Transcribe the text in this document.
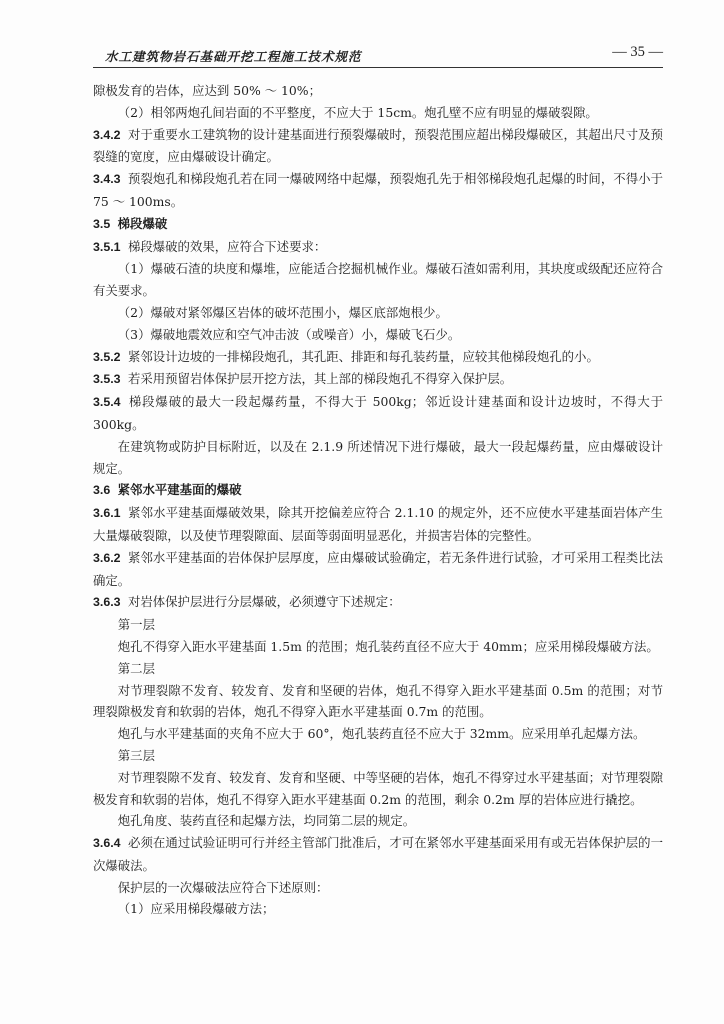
水工建筑物岩石基础开挖工程施工技术规范	— 35 —

隙极发育的岩体，应达到 50% ～ 10%；

（2）相邻两炮孔间岩面的不平整度，不应大于 15cm。炮孔壁不应有明显的爆破裂隙。

3.4.2 对于重要水工建筑物的设计建基面进行预裂爆破时，预裂范围应超出梯段爆破区，其超出尺寸及预裂缝的宽度，应由爆破设计确定。

3.4.3 预裂炮孔和梯段炮孔若在同一爆破网络中起爆，预裂炮孔先于相邻梯段炮孔起爆的时间，不得小于 75 ～ 100ms。

3.5 梯段爆破

3.5.1 梯段爆破的效果，应符合下述要求：

（1）爆破石渣的块度和爆堆，应能适合挖掘机械作业。爆破石渣如需利用，其块度或级配还应符合有关要求。

（2）爆破对紧邻爆区岩体的破坏范围小，爆区底部炮根少。

（3）爆破地震效应和空气冲击波（或噪音）小，爆破飞石少。

3.5.2 紧邻设计边坡的一排梯段炮孔，其孔距、排距和每孔装药量，应较其他梯段炮孔的小。

3.5.3 若采用预留岩体保护层开挖方法，其上部的梯段炮孔不得穿入保护层。

3.5.4 梯段爆破的最大一段起爆药量，不得大于 500kg；邻近设计建基面和设计边坡时，不得大于 300kg。

在建筑物或防护目标附近，以及在 2.1.9 所述情况下进行爆破，最大一段起爆药量，应由爆破设计规定。

3.6 紧邻水平建基面的爆破

3.6.1 紧邻水平建基面爆破效果，除其开挖偏差应符合 2.1.10 的规定外，还不应使水平建基面岩体产生大量爆破裂隙，以及使节理裂隙面、层面等弱面明显恶化，并损害岩体的完整性。

3.6.2 紧邻水平建基面的岩体保护层厚度，应由爆破试验确定，若无条件进行试验，才可采用工程类比法确定。

3.6.3 对岩体保护层进行分层爆破，必须遵守下述规定：

第一层

炮孔不得穿入距水平建基面 1.5m 的范围；炮孔装药直径不应大于 40mm；应采用梯段爆破方法。

第二层

对节理裂隙不发育、较发育、发育和坚硬的岩体，炮孔不得穿入距水平建基面 0.5m 的范围；对节理裂隙极发育和软弱的岩体，炮孔不得穿入距水平建基面 0.7m 的范围。

炮孔与水平建基面的夹角不应大于 60°，炮孔装药直径不应大于 32mm。应采用单孔起爆方法。

第三层

对节理裂隙不发育、较发育、发育和坚硬、中等坚硬的岩体，炮孔不得穿过水平建基面；对节理裂隙极发育和软弱的岩体，炮孔不得穿入距水平建基面 0.2m 的范围，剩余 0.2m 厚的岩体应进行撬挖。

炮孔角度、装药直径和起爆方法，均同第二层的规定。

3.6.4 必须在通过试验证明可行并经主管部门批准后，才可在紧邻水平建基面采用有或无岩体保护层的一次爆破法。

保护层的一次爆破法应符合下述原则：

（1）应采用梯段爆破方法；
